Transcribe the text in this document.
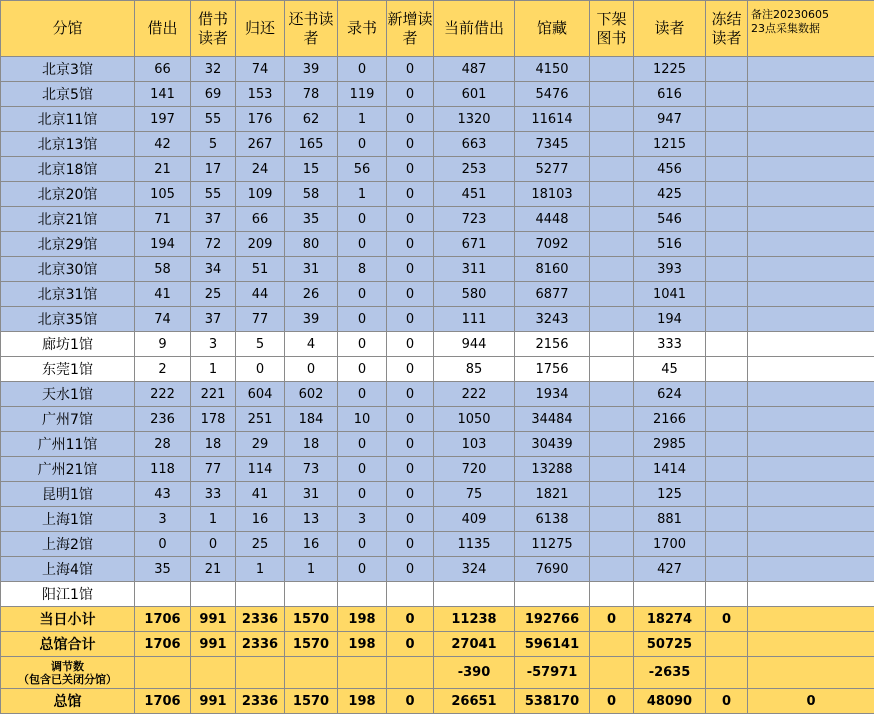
分馆	借出	借书读者	归还	还书读者	录书	新增读者	当前借出	馆藏	下架图书	读者	冻结读者	备注20230605
23点采集数据

北京3馆	66	32	74	39	0	0	487	4150		1225		
北京5馆	141	69	153	78	119	0	601	5476		616		
北京11馆	197	55	176	62	1	0	1320	11614		947		
北京13馆	42	5	267	165	0	0	663	7345		1215		
北京18馆	21	17	24	15	56	0	253	5277		456		
北京20馆	105	55	109	58	1	0	451	18103		425		
北京21馆	71	37	66	35	0	0	723	4448		546		
北京29馆	194	72	209	80	0	0	671	7092		516		
北京30馆	58	34	51	31	8	0	311	8160		393		
北京31馆	41	25	44	26	0	0	580	6877		1041		
北京35馆	74	37	77	39	0	0	111	3243		194		
廊坊1馆	9	3	5	4	0	0	944	2156		333		
东莞1馆	2	1	0	0	0	0	85	1756		45		
天水1馆	222	221	604	602	0	0	222	1934		624		
广州7馆	236	178	251	184	10	0	1050	34484		2166		
广州11馆	28	18	29	18	0	0	103	30439		2985		
广州21馆	118	77	114	73	0	0	720	13288		1414		
昆明1馆	43	33	41	31	0	0	75	1821		125		
上海1馆	3	1	16	13	3	0	409	6138		881		
上海2馆	0	0	25	16	0	0	1135	11275		1700		
上海4馆	35	21	1	1	0	0	324	7690		427		
阳江1馆												
当日小计	1706	991	2336	1570	198	0	11238	192766	0	18274	0	
总馆合计	1706	991	2336	1570	198	0	27041	596141		50725		
调节数
（包含已关闭分馆）							-390	-57971		-2635		
总馆	1706	991	2336	1570	198	0	26651	538170	0	48090	0	0
